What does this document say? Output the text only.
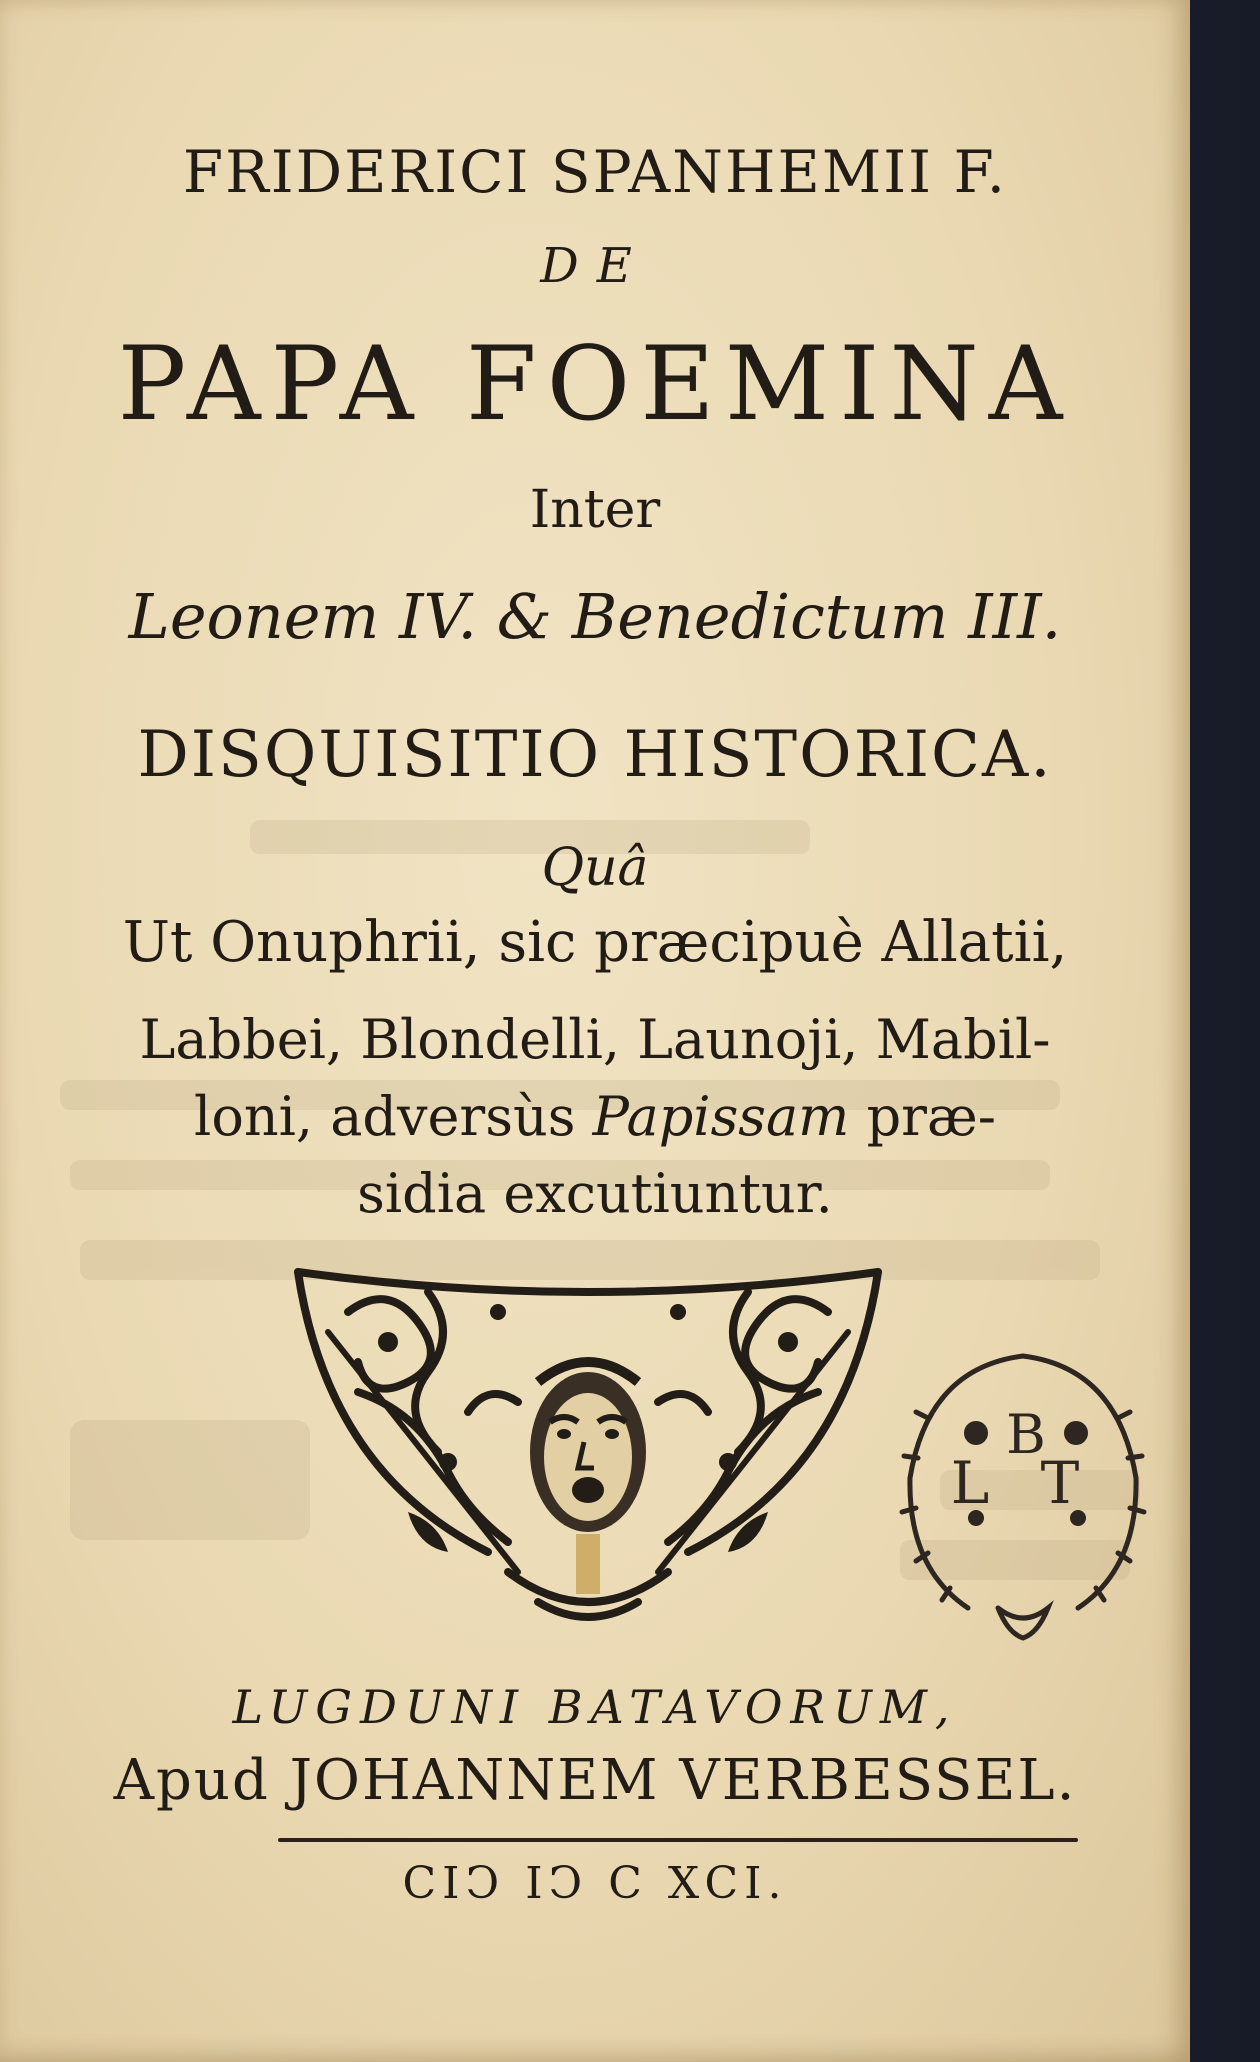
FRIDERICI SPANHEMII F.
DE
PAPA FOEMINA
Inter
Leonem IV. & Benedictum III.
DISQUISITIO HISTORICA.
Quâ
Ut Onuphrii, sic præcipuè Allatii,
Labbei, Blondelli, Launoji, Mabil-
loni, adversùs Papissam præ-
sidia excutiuntur.
B
L T
LUGDUNI BATAVORUM,
Apud JOHANNEM VERBESSEL.
CIↃ IↃ C XCI.
